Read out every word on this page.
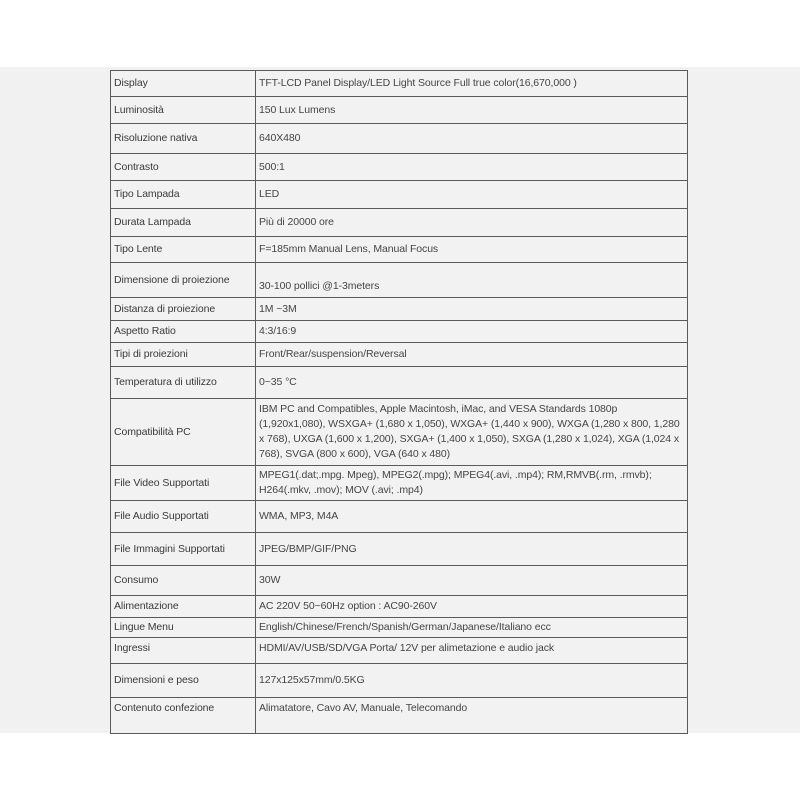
Display	TFT-LCD Panel Display/LED Light Source Full true color(16,670,000 )
Luminosità	150 Lux Lumens
Risoluzione nativa	640X480
Contrasto	500:1
Tipo Lampada	LED
Durata Lampada	Più di 20000 ore
Tipo Lente	F=185mm Manual Lens, Manual Focus
Dimensione di proiezione	30-100 pollici @1-3meters
Distanza di proiezione	1M ~3M
Aspetto Ratio	4:3/16:9
Tipi di proiezioni	Front/Rear/suspension/Reversal
Temperatura di utilizzo	0~35 °C
Compatibilità PC	IBM PC and Compatibles, Apple Macintosh, iMac, and VESA Standards 1080p (1,920x1,080), WSXGA+ (1,680 x 1,050), WXGA+ (1,440 x 900), WXGA (1,280 x 800, 1,280 x 768), UXGA (1,600 x 1,200), SXGA+ (1,400 x 1,050), SXGA (1,280 x 1,024), XGA (1,024 x 768), SVGA (800 x 600), VGA (640 x 480)
File Video Supportati	MPEG1(.dat;.mpg. Mpeg), MPEG2(.mpg); MPEG4(.avi, .mp4); RM,RMVB(.rm, .rmvb); H264(.mkv, .mov); MOV (.avi; .mp4)
File Audio Supportati	WMA, MP3, M4A
File Immagini Supportati	JPEG/BMP/GIF/PNG
Consumo	30W
Alimentazione	AC 220V 50~60Hz option : AC90-260V
Lingue Menu	English/Chinese/French/Spanish/German/Japanese/Italiano ecc
Ingressi	HDMI/AV/USB/SD/VGA Porta/ 12V per alimetazione e audio jack
Dimensioni e peso	127x125x57mm/0.5KG
Contenuto confezione	Alimatatore, Cavo AV, Manuale, Telecomando
